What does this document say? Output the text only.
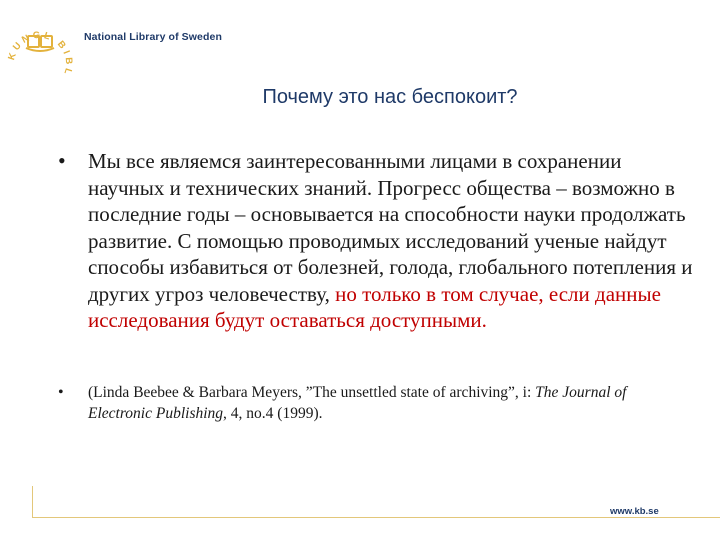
KUNGL BIBL
National Library of Sweden
Почему это нас беспокоит?
• Мы все являемся заинтересованными лицами в сохранении научных и технических знаний. Прогресс общества – возможно в последние годы – основывается на способности науки продолжать развитие. С помощью проводимых исследований ученые найдут способы избавиться от болезней, голода, глобального потепления и других угроз человечеству, но только в том случае, если данные исследования будут оставаться доступными.
• (Linda Beebee & Barbara Meyers, ”The unsettled state of archiving”, i: The Journal of Electronic Publishing, 4, no.4 (1999).
www.kb.se
